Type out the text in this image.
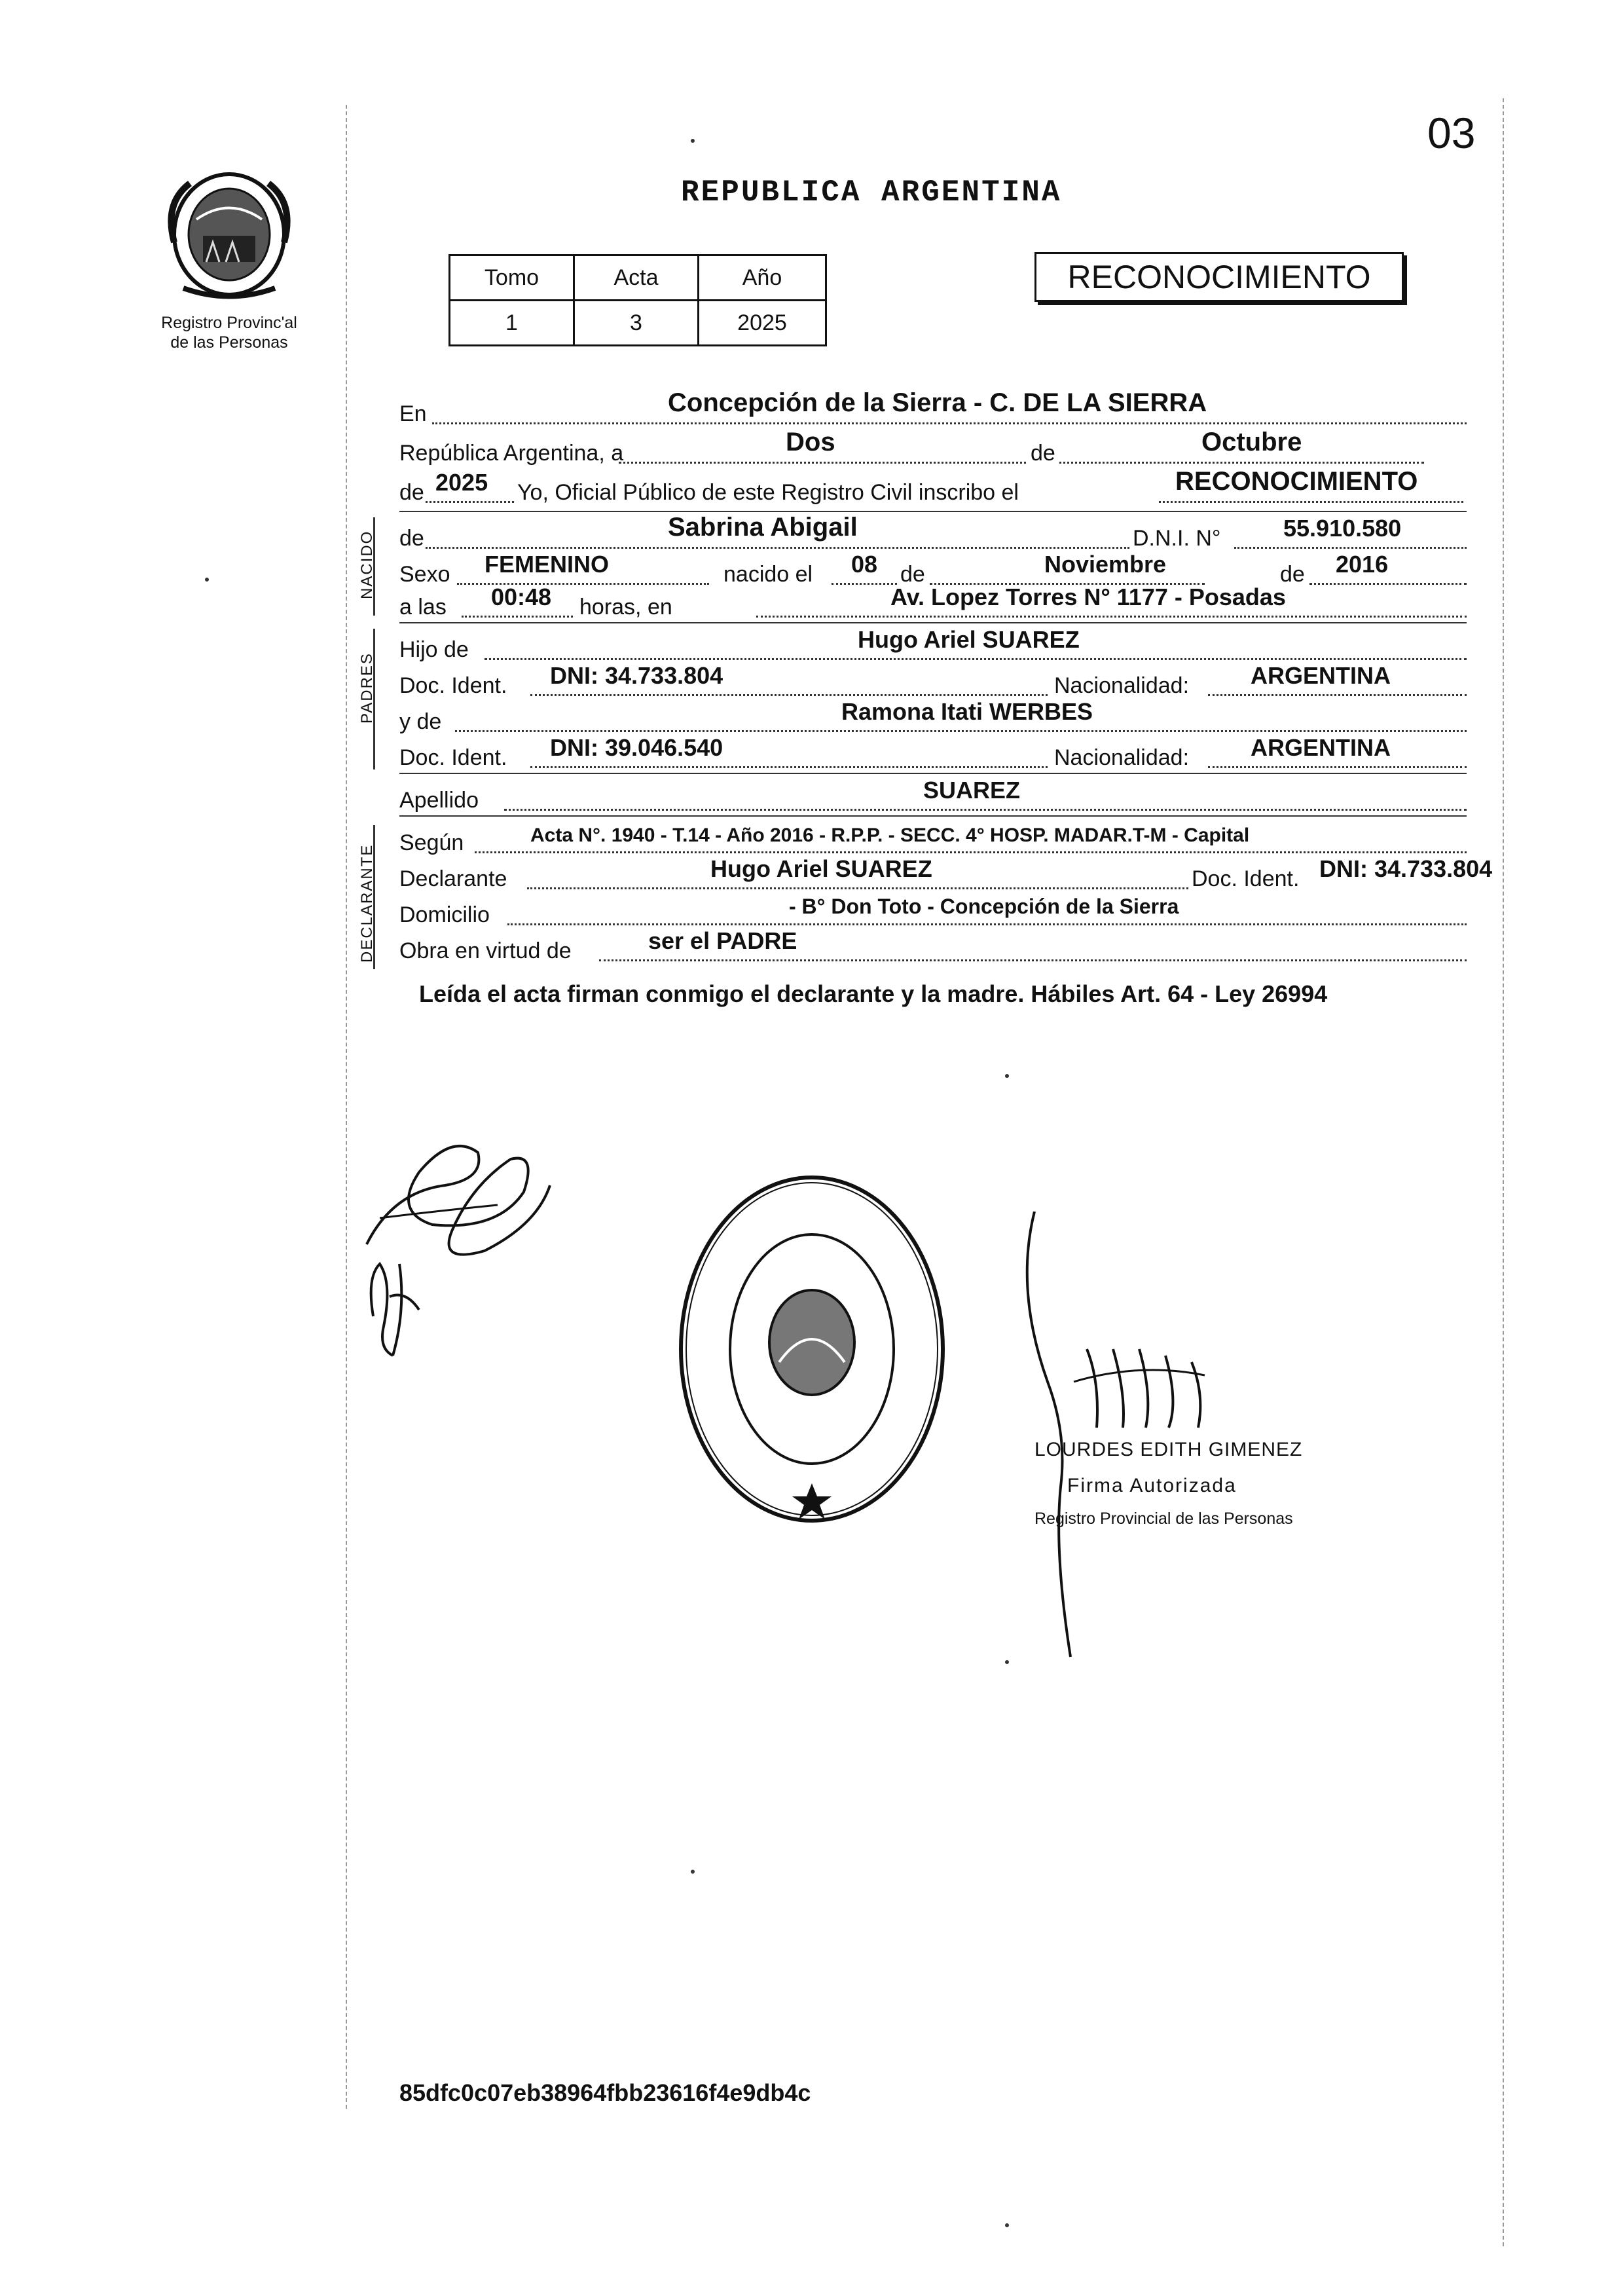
03
Registro Provinc'al
de las Personas
REPUBLICA ARGENTINA
Tomo	Acta	Año
1	3	2025
RECONOCIMIENTO
En	Concepción de la Sierra - C. DE LA SIERRA
República Argentina, a	Dos	de	Octubre
de 2025 Yo, Oficial Público de este Registro Civil inscribo el	RECONOCIMIENTO
NACIDO de	Sabrina Abigail	D.N.I. N°	55.910.580
Sexo FEMENINO	nacido el 08 de	Noviembre	de 2016
a las 00:48 horas, en	Av. Lopez Torres N° 1177 - Posadas
PADRES
Hijo de	Hugo Ariel SUAREZ
Doc. Ident. DNI: 34.733.804	Nacionalidad:	ARGENTINA
y de	Ramona Itati WERBES
Doc. Ident. DNI: 39.046.540	Nacionalidad:	ARGENTINA
Apellido	SUAREZ
DECLARANTE
Según	Acta N°. 1940 - T.14 - Año 2016 - R.P.P. - SECC. 4° HOSP. MADAR.T-M - Capital
Declarante	Hugo Ariel SUAREZ	Doc. Ident. DNI: 34.733.804
Domicilio	- B° Don Toto - Concepción de la Sierra
Obra en virtud de	ser el PADRE
Leída el acta firman conmigo el declarante y la madre. Hábiles Art. 64 - Ley 26994
LOURDES EDITH GIMENEZ
Firma Autorizada
Registro Provincial de las Personas
85dfc0c07eb38964fbb23616f4e9db4c
